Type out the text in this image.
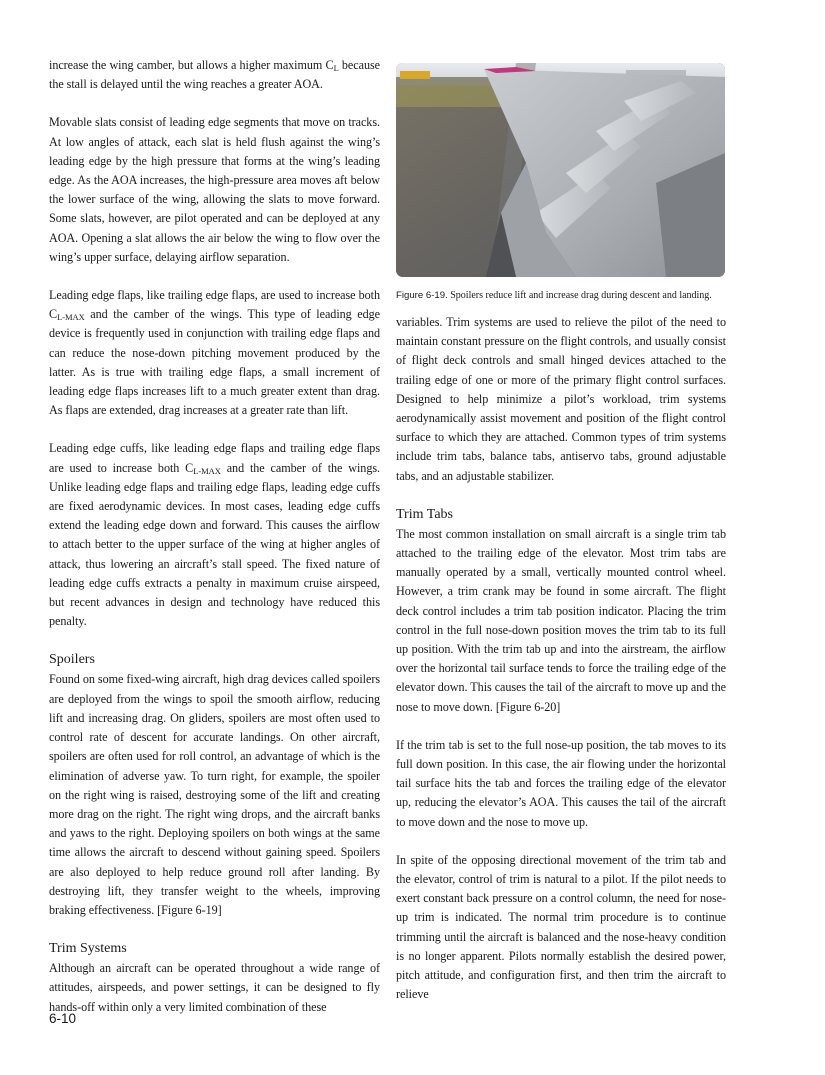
increase the wing camber, but allows a higher maximum $C_L$ because the stall is delayed until the wing reaches a greater AOA.

Movable slats consist of leading edge segments that move on tracks. At low angles of attack, each slat is held flush against the wing’s leading edge by the high pressure that forms at the wing’s leading edge. As the AOA increases, the high-pressure area moves aft below the lower surface of the wing, allowing the slats to move forward. Some slats, however, are pilot operated and can be deployed at any AOA. Opening a slat allows the air below the wing to flow over the wing’s upper surface, delaying airflow separation.

Leading edge flaps, like trailing edge flaps, are used to increase both $C_{L-MAX}$ and the camber of the wings. This type of leading edge device is frequently used in conjunction with trailing edge flaps and can reduce the nose-down pitching movement produced by the latter. As is true with trailing edge flaps, a small increment of leading edge flaps increases lift to a much greater extent than drag. As flaps are extended, drag increases at a greater rate than lift.

Leading edge cuffs, like leading edge flaps and trailing edge flaps are used to increase both $C_{L-MAX}$ and the camber of the wings. Unlike leading edge flaps and trailing edge flaps, leading edge cuffs are fixed aerodynamic devices. In most cases, leading edge cuffs extend the leading edge down and forward. This causes the airflow to attach better to the upper surface of the wing at higher angles of attack, thus lowering an aircraft’s stall speed. The fixed nature of leading edge cuffs extracts a penalty in maximum cruise airspeed, but recent advances in design and technology have reduced this penalty.

Spoilers

Found on some fixed-wing aircraft, high drag devices called spoilers are deployed from the wings to spoil the smooth airflow, reducing lift and increasing drag. On gliders, spoilers are most often used to control rate of descent for accurate landings. On other aircraft, spoilers are often used for roll control, an advantage of which is the elimination of adverse yaw. To turn right, for example, the spoiler on the right wing is raised, destroying some of the lift and creating more drag on the right. The right wing drops, and the aircraft banks and yaws to the right. Deploying spoilers on both wings at the same time allows the aircraft to descend without gaining speed. Spoilers are also deployed to help reduce ground roll after landing. By destroying lift, they transfer weight to the wheels, improving braking effectiveness. [Figure 6-19]

Trim Systems

Although an aircraft can be operated throughout a wide range of attitudes, airspeeds, and power settings, it can be designed to fly hands-off within only a very limited combination of these

Figure 6-19. Spoilers reduce lift and increase drag during descent and landing.

variables. Trim systems are used to relieve the pilot of the need to maintain constant pressure on the flight controls, and usually consist of flight deck controls and small hinged devices attached to the trailing edge of one or more of the primary flight control surfaces. Designed to help minimize a pilot’s workload, trim systems aerodynamically assist movement and position of the flight control surface to which they are attached. Common types of trim systems include trim tabs, balance tabs, antiservo tabs, ground adjustable tabs, and an adjustable stabilizer.

Trim Tabs

The most common installation on small aircraft is a single trim tab attached to the trailing edge of the elevator. Most trim tabs are manually operated by a small, vertically mounted control wheel. However, a trim crank may be found in some aircraft. The flight deck control includes a trim tab position indicator. Placing the trim control in the full nose-down position moves the trim tab to its full up position. With the trim tab up and into the airstream, the airflow over the horizontal tail surface tends to force the trailing edge of the elevator down. This causes the tail of the aircraft to move up and the nose to move down. [Figure 6-20]

If the trim tab is set to the full nose-up position, the tab moves to its full down position. In this case, the air flowing under the horizontal tail surface hits the tab and forces the trailing edge of the elevator up, reducing the elevator’s AOA. This causes the tail of the aircraft to move down and the nose to move up.

In spite of the opposing directional movement of the trim tab and the elevator, control of trim is natural to a pilot. If the pilot needs to exert constant back pressure on a control column, the need for nose-up trim is indicated. The normal trim procedure is to continue trimming until the aircraft is balanced and the nose-heavy condition is no longer apparent. Pilots normally establish the desired power, pitch attitude, and configuration first, and then trim the aircraft to relieve

6-10
